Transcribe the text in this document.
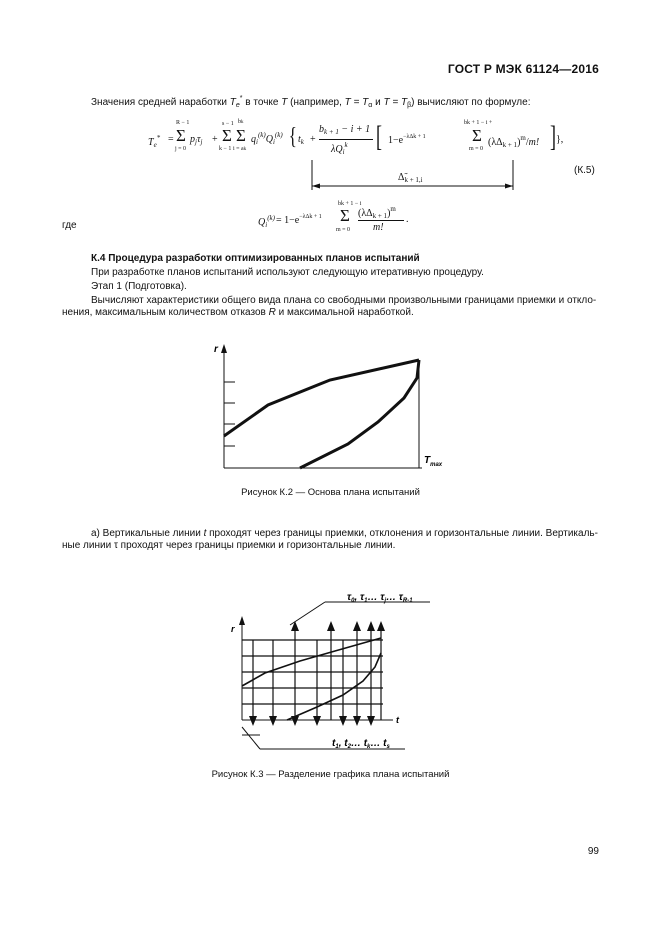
ГОСТ Р МЭК 61124—2016
Значения средней наработки $T_e^*$ в точке T (например, $T = T_\alpha$ и $T = T_\beta$) вычисляют по формуле:
$T_e^*$ =
R − 1
Σ
j = 0
$p_j\tau_j$ +
s − 1
Σ
k − 1
bk
Σ
i = ak
$q_i^{(k)}Q_i^{(k)}$ { $t_k$ +
$b_{k + 1} - i + 1$
$\lambda Q_i^k$ [ $1-e^{-\lambda\Delta k + 1}$
bk + 1 − i +
Σ
m = 0
$(\lambda\Delta_{k + 1})^m/m$! ] },
$\Deltã_{k + 1,i}$
(К.5)
где	$Q_i^{(k)} = 1-e^{-\lambda\Delta k + 1}$
bk + 1 − i
Σ
m = 0
$(\lambda\Delta_{k + 1})^m$
m!
.
К.4 Процедура разработки оптимизированных планов испытаний
При разработке планов испытаний используют следующую итеративную процедуру.
Этап 1 (Подготовка).
Вычисляют характеристики общего вида плана со свободными произвольными границами приемки и откло-
нения, максимальным количеством отказов R и максимальной наработкой.
r
$T_{max}$
Рисунок К.2 — Основа плана испытаний
а) Вертикальные линии t проходят через границы приемки, отклонения и горизонтальные линии. Вертикаль-
ные линии τ проходят через границы приемки и горизонтальные линии.
$\tau_0$, $\tau_1\dots$ $\tau_j\dots$ $\tau_{R-1}$
r
t
$t_1$, $t_2\dots$ $t_k\dots$ $t_s$
Рисунок К.3 — Разделение графика плана испытаний
99
